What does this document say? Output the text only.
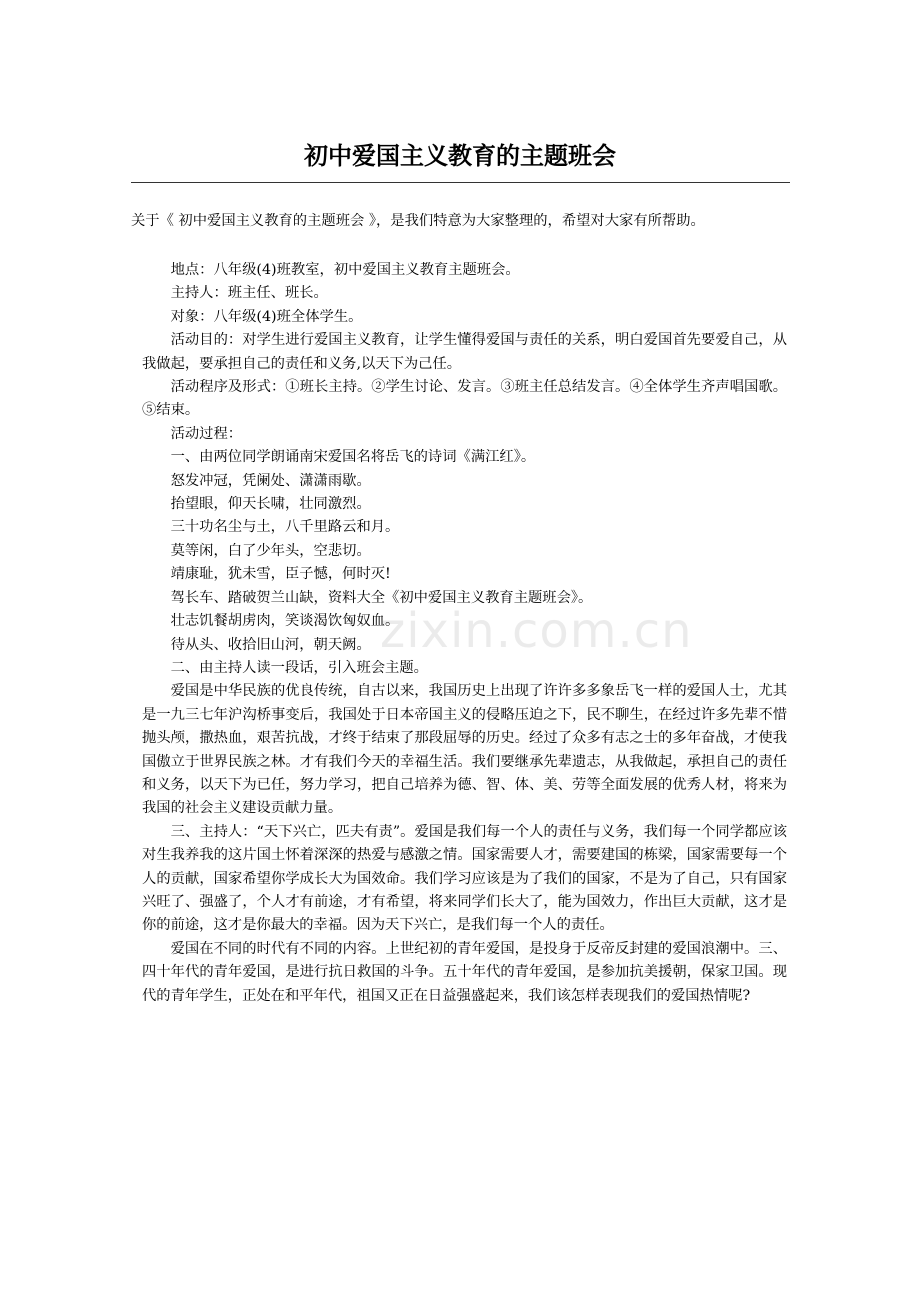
初中爱国主义教育的主题班会
关于《 初中爱国主义教育的主题班会 》，是我们特意为大家整理的，希望对大家有所帮助。

地点：八年级(4)班教室，初中爱国主义教育主题班会。

主持人：班主任、班长。

对象：八年级(4)班全体学生。

活动目的：对学生进行爱国主义教育，让学生懂得爱国与责任的关系，明白爱国首先要爱自己，从我做起，要承担自己的责任和义务,以天下为己任。

活动程序及形式：①班长主持。②学生讨论、发言。③班主任总结发言。④全体学生齐声唱国歌。⑤结束。

活动过程：

一、由两位同学朗诵南宋爱国名将岳飞的诗词《满江红》。

怒发冲冠，凭阑处、潇潇雨歇。

抬望眼，仰天长啸，壮同激烈。

三十功名尘与土，八千里路云和月。

莫等闲，白了少年头，空悲切。

靖康耻，犹未雪，臣子憾，何时灭!

驾长车、踏破贺兰山缺，资料大全《初中爱国主义教育主题班会》。

壮志饥餐胡虏肉，笑谈渴饮匈奴血。

待从头、收拾旧山河，朝天阙。

二、由主持人读一段话，引入班会主题。

爱国是中华民族的优良传统，自古以来，我国历史上出现了许许多多象岳飞一样的爱国人士，尤其是一九三七年沪沟桥事变后，我国处于日本帝国主义的侵略压迫之下，民不聊生，在经过许多先辈不惜抛头颅，撒热血，艰苦抗战，才终于结束了那段屈辱的历史。经过了众多有志之士的多年奋战，才使我国傲立于世界民族之林。才有我们今天的幸福生活。我们要继承先辈遗志，从我做起，承担自己的责任和义务，以天下为已任，努力学习，把自己培养为德、智、体、美、劳等全面发展的优秀人材，将来为我国的社会主义建设贡献力量。

三、主持人：“天下兴亡，匹夫有责”。爱国是我们每一个人的责任与义务，我们每一个同学都应该对生我养我的这片国土怀着深深的热爱与感激之情。国家需要人才，需要建国的栋梁，国家需要每一个人的贡献，国家希望你学成长大为国效命。我们学习应该是为了我们的国家，不是为了自己，只有国家兴旺了、强盛了，个人才有前途，才有希望，将来同学们长大了，能为国效力，作出巨大贡献，这才是你的前途，这才是你最大的幸福。因为天下兴亡，是我们每一个人的责任。

爱国在不同的时代有不同的内容。上世纪初的青年爱国，是投身于反帝反封建的爱国浪潮中。三、四十年代的青年爱国，是进行抗日救国的斗争。五十年代的青年爱国，是参加抗美援朝，保家卫国。现代的青年学生，正处在和平年代，祖国又正在日益强盛起来，我们该怎样表现我们的爱国热情呢?

zixin.com.cn
